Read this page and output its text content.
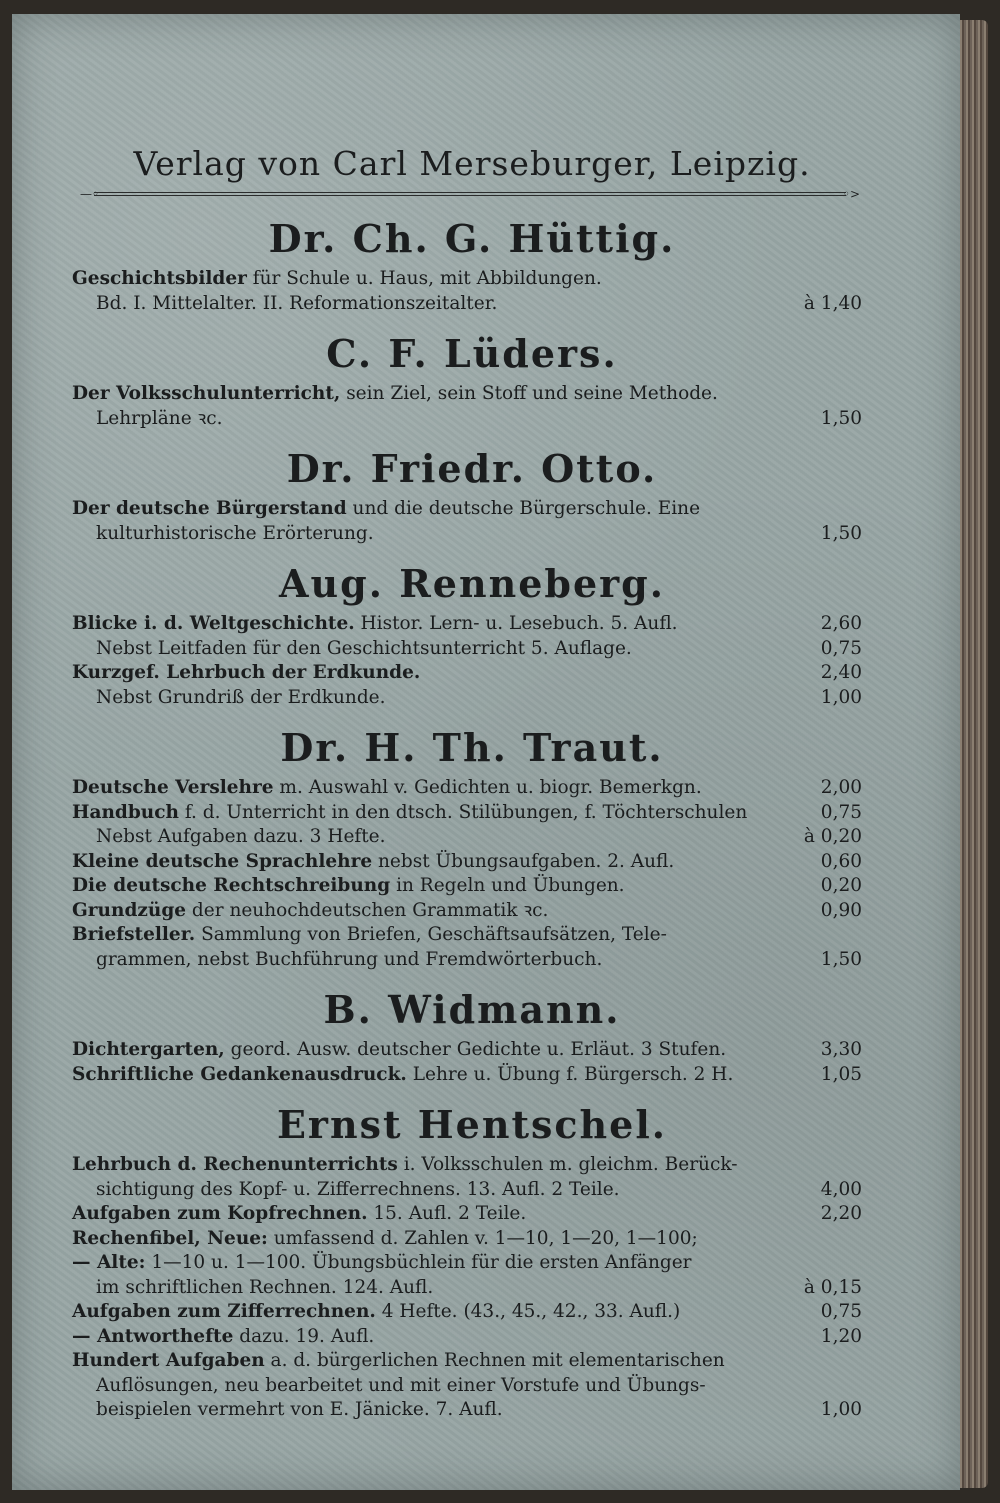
Verlag von Carl Merseburger, Leipzig.
—◦	◦>
Dr. Ch. G. Hüttig.
Geschichtsbilder für Schule u. Haus, mit Abbildungen.
Bd. I. Mittelalter. II. Reformationszeitalter.	à 1,40
C. F. Lüders.
Der Volksschulunterricht, sein Ziel, sein Stoff und seine Methode.
Lehrpläne ꝛc.	1,50
Dr. Friedr. Otto.
Der deutsche Bürgerstand und die deutsche Bürgerschule. Eine
kulturhistorische Erörterung.	1,50
Aug. Renneberg.
Blicke i. d. Weltgeschichte. Histor. Lern- u. Lesebuch. 5. Aufl.	2,60
Nebst Leitfaden für den Geschichtsunterricht 5. Auflage.	0,75
Kurzgef. Lehrbuch der Erdkunde.	2,40
Nebst Grundriß der Erdkunde.	1,00
Dr. H. Th. Traut.
Deutsche Verslehre m. Auswahl v. Gedichten u. biogr. Bemerkgn.	2,00
Handbuch f. d. Unterricht in den dtsch. Stilübungen, f. Töchterschulen	0,75
Nebst Aufgaben dazu. 3 Hefte.	à 0,20
Kleine deutsche Sprachlehre nebst Übungsaufgaben. 2. Aufl.	0,60
Die deutsche Rechtschreibung in Regeln und Übungen.	0,20
Grundzüge der neuhochdeutschen Grammatik ꝛc.	0,90
Briefsteller. Sammlung von Briefen, Geschäftsaufsätzen, Tele-
grammen, nebst Buchführung und Fremdwörterbuch.	1,50
B. Widmann.
Dichtergarten, geord. Ausw. deutscher Gedichte u. Erläut. 3 Stufen.	3,30
Schriftliche Gedankenausdruck. Lehre u. Übung f. Bürgersch. 2 H.	1,05
Ernst Hentschel.
Lehrbuch d. Rechenunterrichts i. Volksschulen m. gleichm. Berück-
sichtigung des Kopf- u. Zifferrechnens. 13. Aufl. 2 Teile.	4,00
Aufgaben zum Kopfrechnen. 15. Aufl. 2 Teile.	2,20
Rechenfibel, Neue: umfassend d. Zahlen v. 1—10, 1—20, 1—100;
— Alte: 1—10 u. 1—100. Übungsbüchlein für die ersten Anfänger
im schriftlichen Rechnen. 124. Aufl.	à 0,15
Aufgaben zum Zifferrechnen. 4 Hefte. (43., 45., 42., 33. Aufl.)	0,75
— Antworthefte dazu. 19. Aufl.	1,20
Hundert Aufgaben a. d. bürgerlichen Rechnen mit elementarischen
Auflösungen, neu bearbeitet und mit einer Vorstufe und Übungs-
beispielen vermehrt von E. Jänicke. 7. Aufl.	1,00
